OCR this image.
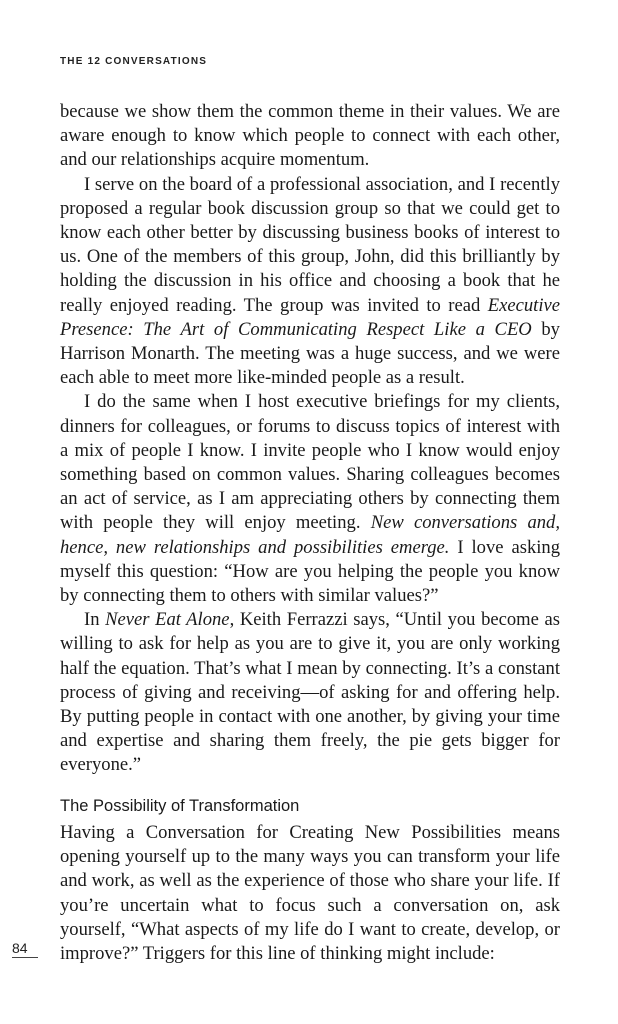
THE 12 CONVERSATIONS

because we show them the common theme in their values. We are aware enough to know which people to connect with each other, and our relationships acquire momentum.

I serve on the board of a professional association, and I recently proposed a regular book discussion group so that we could get to know each other better by discussing business books of interest to us. One of the members of this group, John, did this brilliantly by holding the discussion in his office and choosing a book that he really enjoyed reading. The group was invited to read Executive Presence: The Art of Communicating Respect Like a CEO by Harrison Monarth. The meeting was a huge success, and we were each able to meet more like-minded people as a result.

I do the same when I host executive briefings for my clients, dinners for colleagues, or forums to discuss topics of interest with a mix of people I know. I invite people who I know would enjoy something based on common values. Sharing colleagues becomes an act of service, as I am appreciating others by connecting them with people they will enjoy meeting. New conversations and, hence, new relationships and possibilities emerge. I love asking myself this question: “How are you helping the people you know by connecting them to others with similar values?”

In Never Eat Alone, Keith Ferrazzi says, “Until you become as willing to ask for help as you are to give it, you are only working half the equation. That’s what I mean by connecting. It’s a constant process of giving and receiving—of asking for and offering help. By putting people in contact with one another, by giving your time and expertise and sharing them freely, the pie gets bigger for everyone.”

The Possibility of Transformation

Having a Conversation for Creating New Possibilities means opening yourself up to the many ways you can transform your life and work, as well as the experience of those who share your life. If you’re uncertain what to focus such a conversation on, ask yourself, “What aspects of my life do I want to create, develop, or improve?” Triggers for this line of thinking might include:

84
